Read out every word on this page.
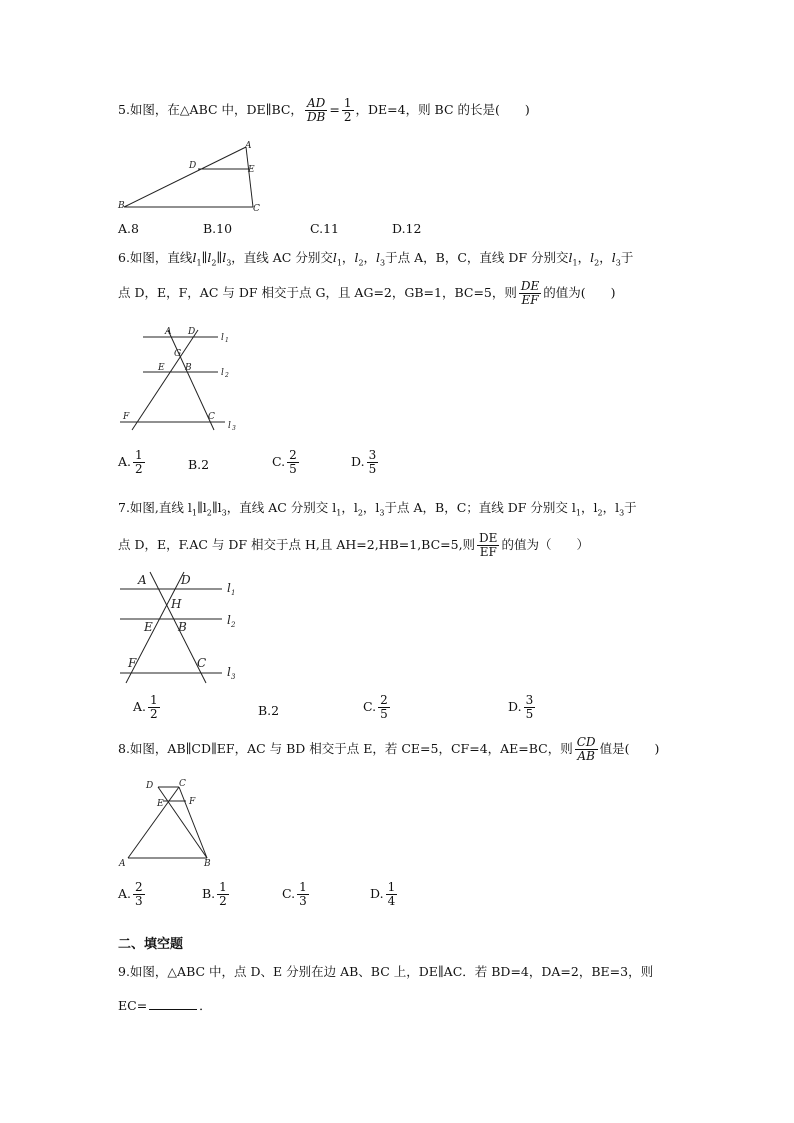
5.如图，在△ABC 中，DE∥BC， $\frac{AD}{DB} = \frac{1}{2}$ ，DE=4，则 BC 的长是(　　)
B
A
C
D	E
A.8	B.10	C.11	D.12
6.如图，直线$l_1\parallel l_2\parallel l_3$，直线 AC 分别交$l_1$，$l_2$，$l_3$于点 A，B，C，直线 DF 分别交$l_1$，$l_2$，$l_3$于
点 D，E，F，AC 与 DF 相交于点 G，且 AG=2，GB=1，BC=5，则 $\frac{DE}{EF}$ 的值为(　　)
A D
G
E B
F	C
l 1
l 2
l 3
A. $\frac{1}{2}$	B.2	C. $\frac{2}{5}$	D. $\frac{3}{5}$
7.如图,直线 $l_1\parallel l_2\parallel l_3$，直线 AC 分别交 $l_1$，$l_2$，$l_3$于点 A，B，C；直线 DF 分别交 $l_1$，$l_2$，$l_3$于
点 D，E，F.AC 与 DF 相交于点 H,且 AH=2,HB=1,BC=5,则 $\frac{DE}{EF}$ 的值为（　　）
A	D
H
E B
F	C
l 1
l 2
l 3
A. $\frac{1}{2}$	B.2	C. $\frac{2}{5}$	D. $\frac{3}{5}$
8.如图，AB∥CD∥EF，AC 与 BD 相交于点 E，若 CE=5，CF=4，AE=BC，则 $\frac{CD}{AB}$ 值是(　　)
D	C
E	F
A	B
A. $\frac{2}{3}$	B. $\frac{1}{2}$	C. $\frac{1}{3}$	D. $\frac{1}{4}$
二、填空题
9.如图，△ABC 中，点 D、E 分别在边 AB、BC 上，DE∥AC．若 BD=4，DA=2，BE=3，则
EC=	．
